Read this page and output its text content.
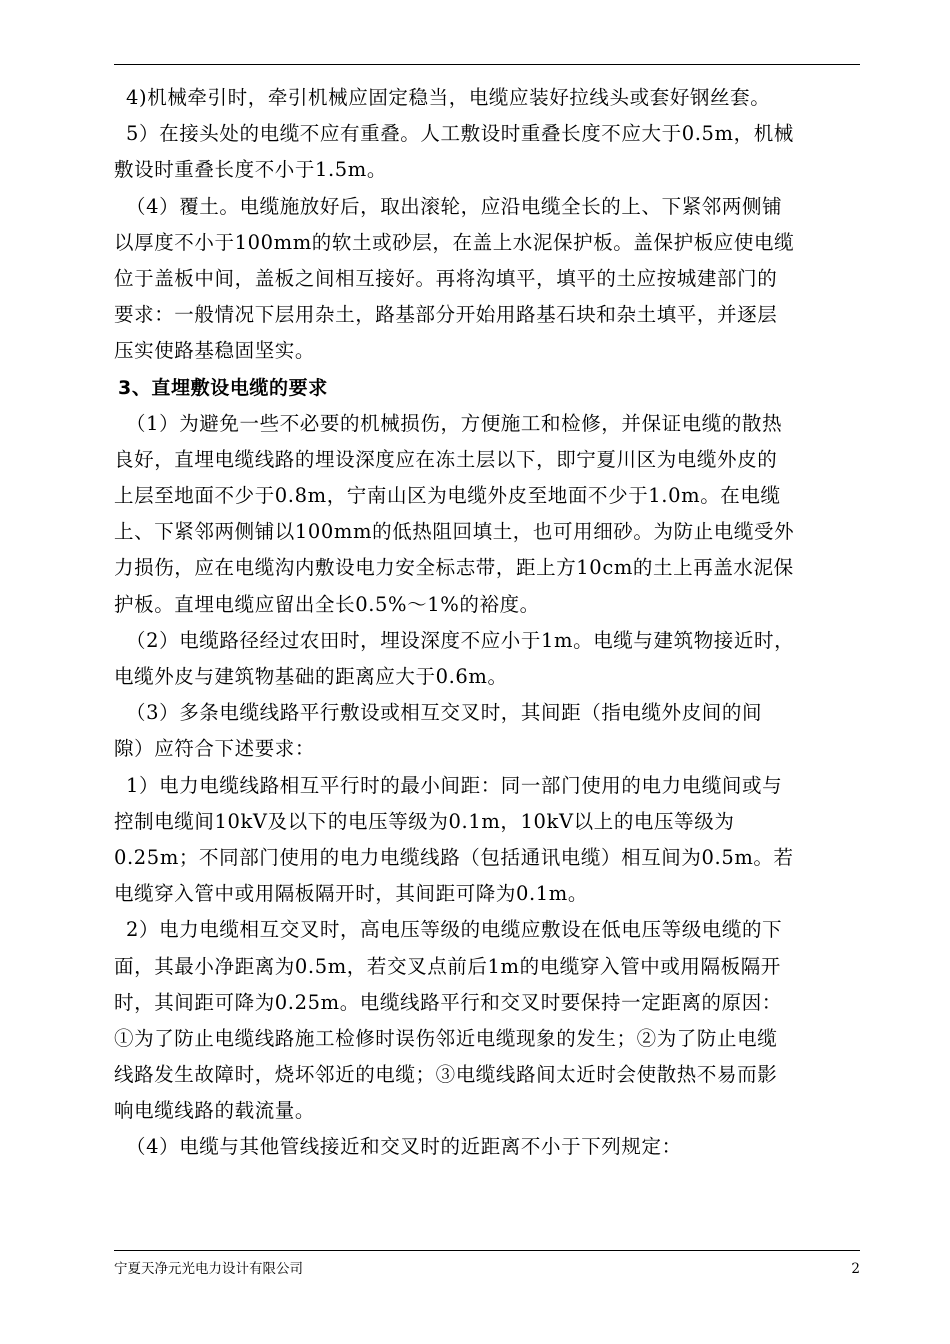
4)机械牵引时，牵引机械应固定稳当，电缆应装好拉线头或套好钢丝套。
5）在接头处的电缆不应有重叠。人工敷设时重叠长度不应大于0.5m，机械
敷设时重叠长度不小于1.5m。
（4）覆土。电缆施放好后，取出滚轮，应沿电缆全长的上、下紧邻两侧铺
以厚度不小于100mm的软土或砂层，在盖上水泥保护板。盖保护板应使电缆
位于盖板中间，盖板之间相互接好。再将沟填平，填平的土应按城建部门的
要求：一般情况下层用杂土，路基部分开始用路基石块和杂土填平，并逐层
压实使路基稳固坚实。
3、直埋敷设电缆的要求
（1）为避免一些不必要的机械损伤，方便施工和检修，并保证电缆的散热
良好，直埋电缆线路的埋设深度应在冻土层以下，即宁夏川区为电缆外皮的
上层至地面不少于0.8m，宁南山区为电缆外皮至地面不少于1.0m。在电缆
上、下紧邻两侧铺以100mm的低热阻回填土，也可用细砂。为防止电缆受外
力损伤，应在电缆沟内敷设电力安全标志带，距上方10cm的土上再盖水泥保
护板。直埋电缆应留出全长0.5%～1%的裕度。
（2）电缆路径经过农田时，埋设深度不应小于1m。电缆与建筑物接近时，
电缆外皮与建筑物基础的距离应大于0.6m。
（3）多条电缆线路平行敷设或相互交叉时，其间距（指电缆外皮间的间
隙）应符合下述要求：
1）电力电缆线路相互平行时的最小间距：同一部门使用的电力电缆间或与
控制电缆间10kV及以下的电压等级为0.1m，10kV以上的电压等级为
0.25m；不同部门使用的电力电缆线路（包括通讯电缆）相互间为0.5m。若
电缆穿入管中或用隔板隔开时，其间距可降为0.1m。
2）电力电缆相互交叉时，高电压等级的电缆应敷设在低电压等级电缆的下
面，其最小净距离为0.5m，若交叉点前后1m的电缆穿入管中或用隔板隔开
时，其间距可降为0.25m。电缆线路平行和交叉时要保持一定距离的原因：
①为了防止电缆线路施工检修时误伤邻近电缆现象的发生；②为了防止电缆
线路发生故障时，烧坏邻近的电缆；③电缆线路间太近时会使散热不易而影
响电缆线路的载流量。
（4）电缆与其他管线接近和交叉时的近距离不小于下列规定：
宁夏天净元光电力设计有限公司	2
